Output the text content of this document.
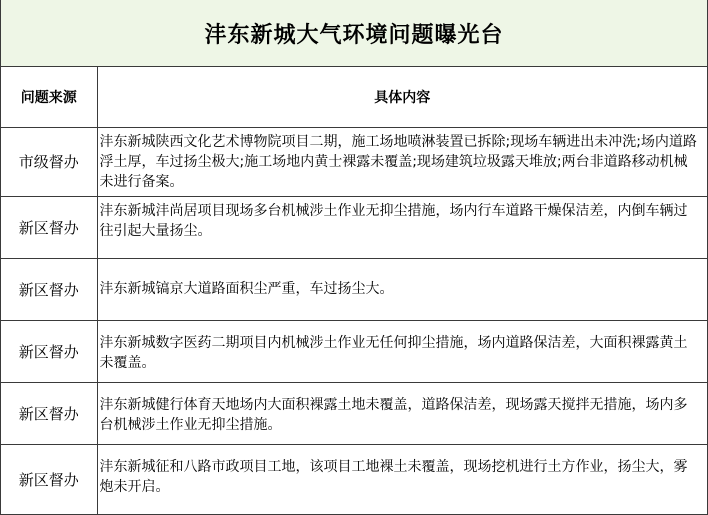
沣东新城大气环境问题曝光台
问题来源	具体内容
市级督办	沣东新城陕西文化艺术博物院项目二期，施工场地喷淋装置已拆除;现场车辆进出未冲洗;场内道路浮土厚，车过扬尘极大;施工场地内黄士裸露未覆盖;现场建筑垃圾露天堆放;两台非道路移动机械未进行备案。
新区督办	沣东新城沣尚居项目现场多台机械涉土作业无抑尘措施，场内行车道路干燥保洁差，内倒车辆过往引起大量扬尘。
新区督办	沣东新城镐京大道路面积尘严重，车过扬尘大。
新区督办	沣东新城数字医药二期项目内机械涉土作业无任何抑尘措施，场内道路保洁差，大面积裸露黄土未覆盖。
新区督办	沣东新城健行体育天地场内大面积裸露土地未覆盖，道路保洁差，现场露天搅拌无措施，场内多台机械涉土作业无抑尘措施。
新区督办	沣东新城征和八路市政项目工地，该项目工地裸土未覆盖，现场挖机进行土方作业，扬尘大，雾炮未开启。
